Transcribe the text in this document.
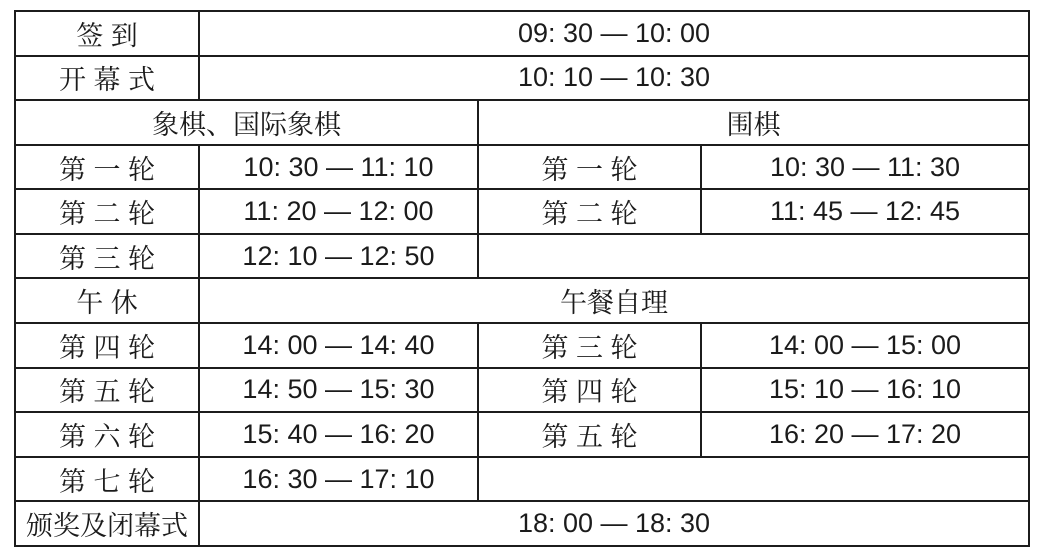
签 到	09: 30 — 10: 00		
开 幕 式	10: 10 — 10: 30		
象棋、国际象棋		围棋	
第 一 轮	10: 30 — 11: 10	第 一 轮	10: 30 — 11: 30
第 二 轮	11: 20 — 12: 00	第 二 轮	11: 45 — 12: 45
第 三 轮	12: 10 — 12: 50		
午 休	午餐自理		
第 四 轮	14: 00 — 14: 40	第 三 轮	14: 00 — 15: 00
第 五 轮	14: 50 — 15: 30	第 四 轮	15: 10 — 16: 10
第 六 轮	15: 40 — 16: 20	第 五 轮	16: 20 — 17: 20
第 七 轮	16: 30 — 17: 10		
颁奖及闭幕式	18: 00 — 18: 30		
